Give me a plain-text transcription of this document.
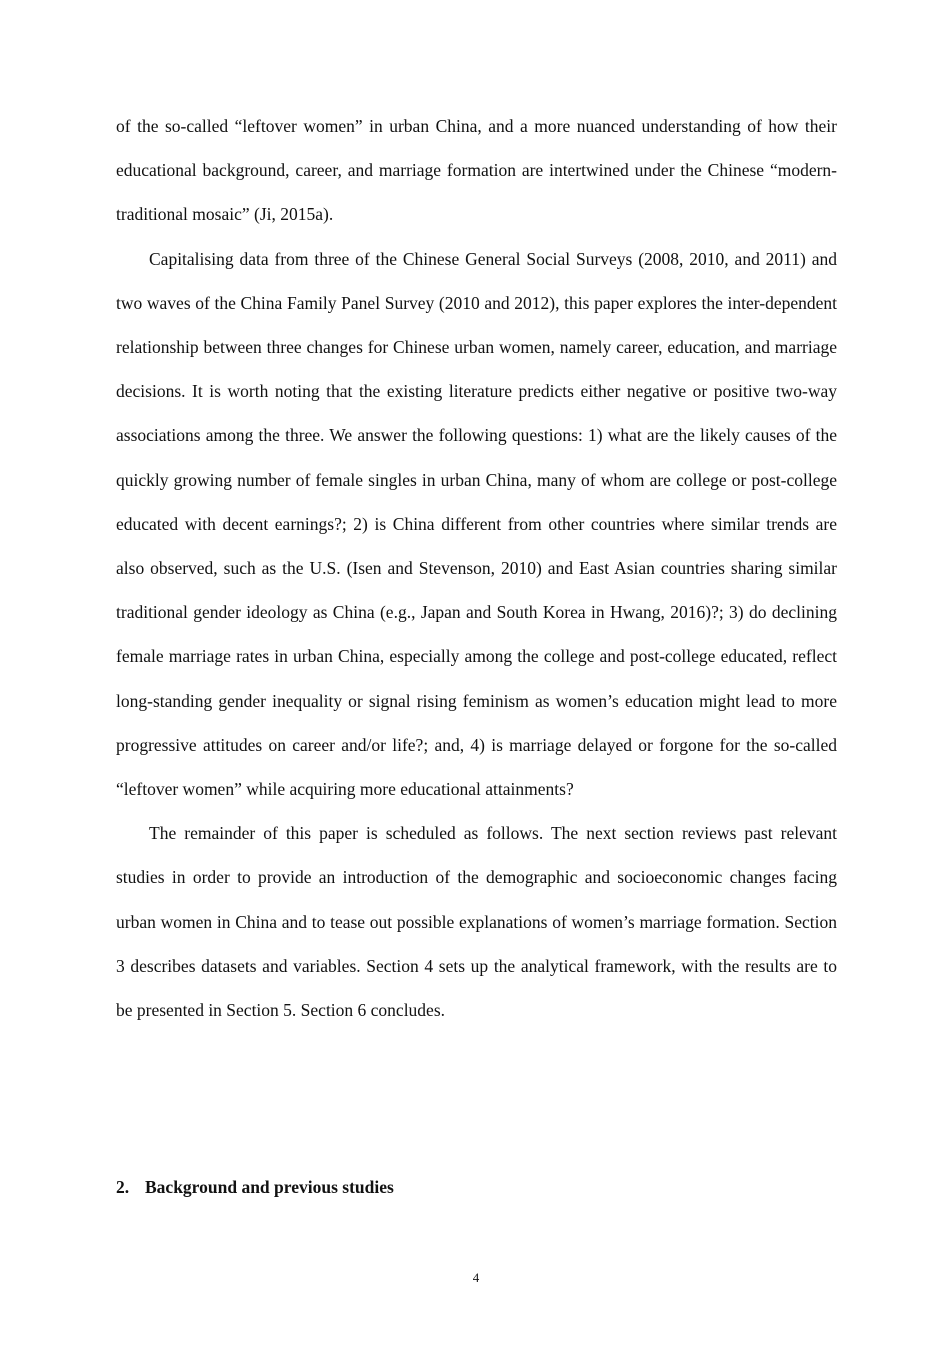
of the so-called “leftover women” in urban China, and a more nuanced understanding of how their educational background, career, and marriage formation are intertwined under the Chinese “modern-traditional mosaic” (Ji, 2015a).

Capitalising data from three of the Chinese General Social Surveys (2008, 2010, and 2011) and two waves of the China Family Panel Survey (2010 and 2012), this paper explores the inter-dependent relationship between three changes for Chinese urban women, namely career, education, and marriage decisions. It is worth noting that the existing literature predicts either negative or positive two-way associations among the three. We answer the following questions: 1) what are the likely causes of the quickly growing number of female singles in urban China, many of whom are college or post-college educated with decent earnings?; 2) is China different from other countries where similar trends are also observed, such as the U.S. (Isen and Stevenson, 2010) and East Asian countries sharing similar traditional gender ideology as China (e.g., Japan and South Korea in Hwang, 2016)?; 3) do declining female marriage rates in urban China, especially among the college and post-college educated, reflect long-standing gender inequality or signal rising feminism as women’s education might lead to more progressive attitudes on career and/or life?; and, 4) is marriage delayed or forgone for the so-called “leftover women” while acquiring more educational attainments?

The remainder of this paper is scheduled as follows. The next section reviews past relevant studies in order to provide an introduction of the demographic and socioeconomic changes facing urban women in China and to tease out possible explanations of women’s marriage formation. Section 3 describes datasets and variables. Section 4 sets up the analytical framework, with the results are to be presented in Section 5. Section 6 concludes.

2. Background and previous studies
4
